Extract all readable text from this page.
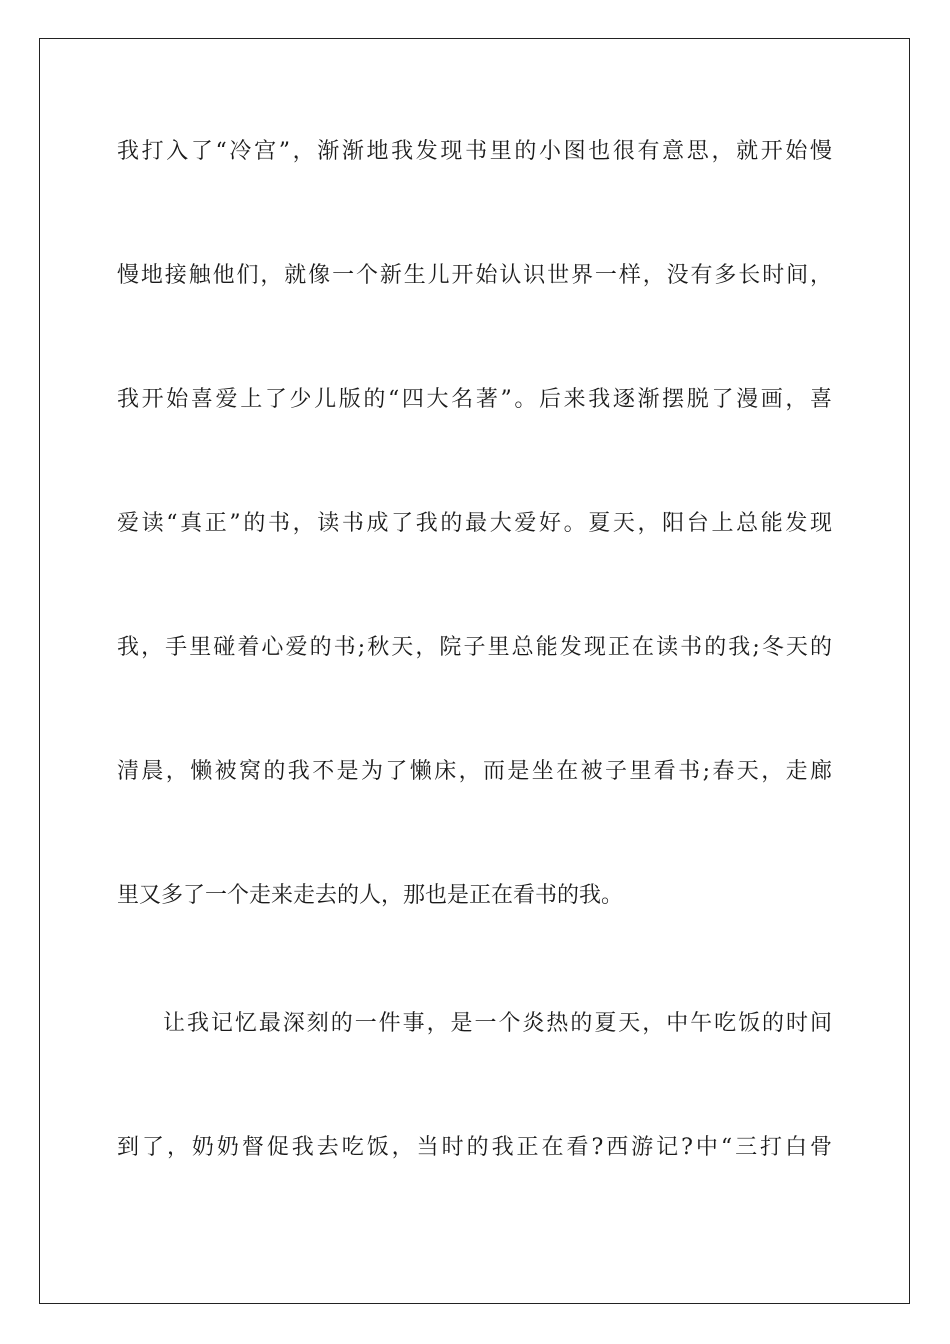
我打入了“冷宫”，渐渐地我发现书里的小图也很有意思，就开始慢
慢地接触他们，就像一个新生儿开始认识世界一样，没有多长时间，
我开始喜爱上了少儿版的“四大名著”。后来我逐渐摆脱了漫画，喜
爱读“真正”的书，读书成了我的最大爱好。夏天，阳台上总能发现
我，手里碰着心爱的书;秋天，院子里总能发现正在读书的我;冬天的
清晨，懒被窝的我不是为了懒床，而是坐在被子里看书;春天，走廊
里又多了一个走来走去的人，那也是正在看书的我。
让我记忆最深刻的一件事，是一个炎热的夏天，中午吃饭的时间
到了，奶奶督促我去吃饭，当时的我正在看?西游记?中“三打白骨
